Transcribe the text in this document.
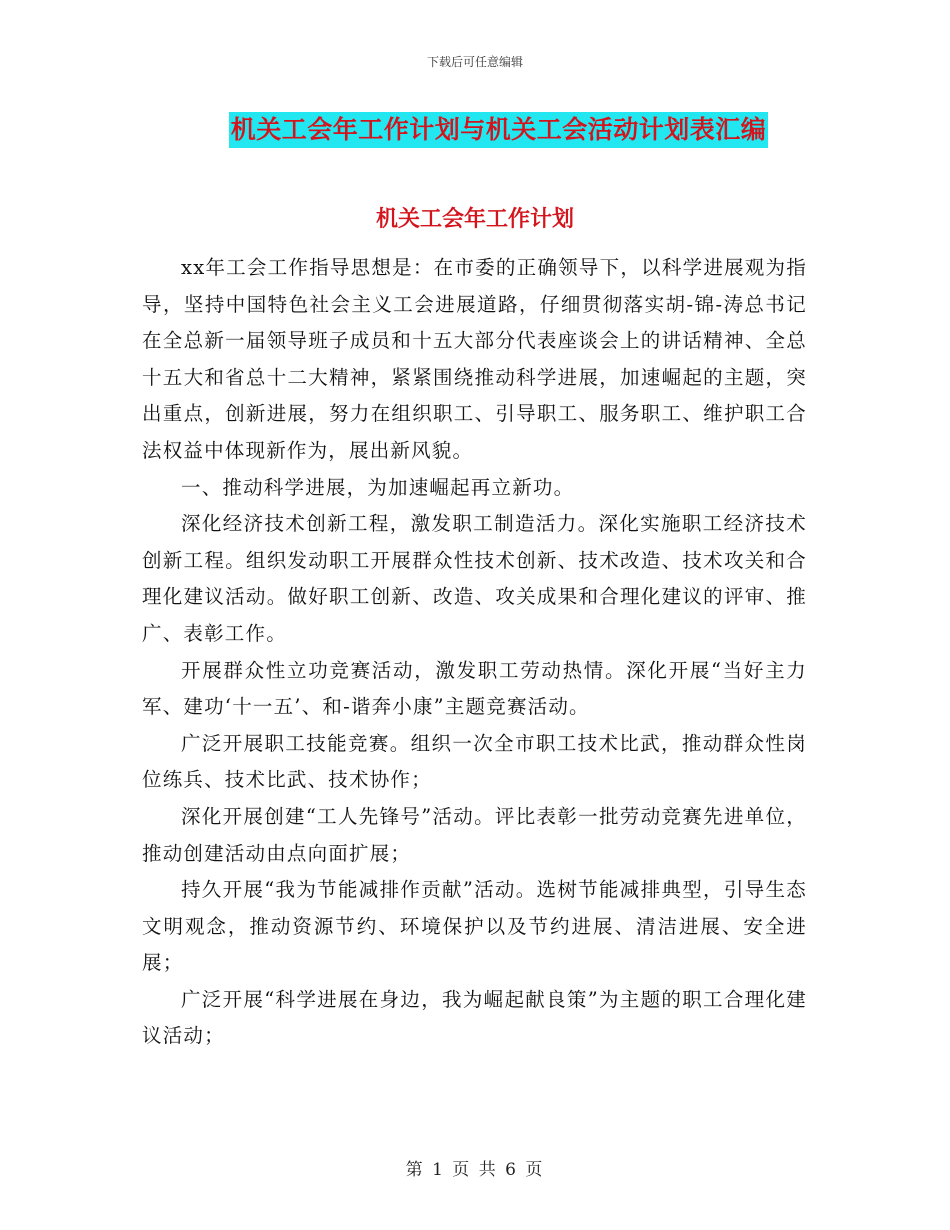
下载后可任意编辑
机关工会年工作计划与机关工会活动计划表汇编
机关工会年工作计划

xx年工会工作指导思想是：在市委的正确领导下，以科学进展观为指导，坚持中国特色社会主义工会进展道路，仔细贯彻落实胡-锦-涛总书记在全总新一届领导班子成员和十五大部分代表座谈会上的讲话精神、全总十五大和省总十二大精神，紧紧围绕推动科学进展，加速崛起的主题，突出重点，创新进展，努力在组织职工、引导职工、服务职工、维护职工合法权益中体现新作为，展出新风貌。

一、推动科学进展，为加速崛起再立新功。

深化经济技术创新工程，激发职工制造活力。深化实施职工经济技术创新工程。组织发动职工开展群众性技术创新、技术改造、技术攻关和合理化建议活动。做好职工创新、改造、攻关成果和合理化建议的评审、推广、表彰工作。

开展群众性立功竞赛活动，激发职工劳动热情。深化开展“当好主力军、建功‘十一五’、和-谐奔小康”主题竞赛活动。

广泛开展职工技能竞赛。组织一次全市职工技术比武，推动群众性岗位练兵、技术比武、技术协作；

深化开展创建“工人先锋号”活动。评比表彰一批劳动竞赛先进单位，推动创建活动由点向面扩展；

持久开展“我为节能减排作贡献”活动。选树节能减排典型，引导生态文明观念，推动资源节约、环境保护以及节约进展、清洁进展、安全进展；

广泛开展“科学进展在身边，我为崛起献良策”为主题的职工合理化建议活动；

第 1 页 共 6 页
